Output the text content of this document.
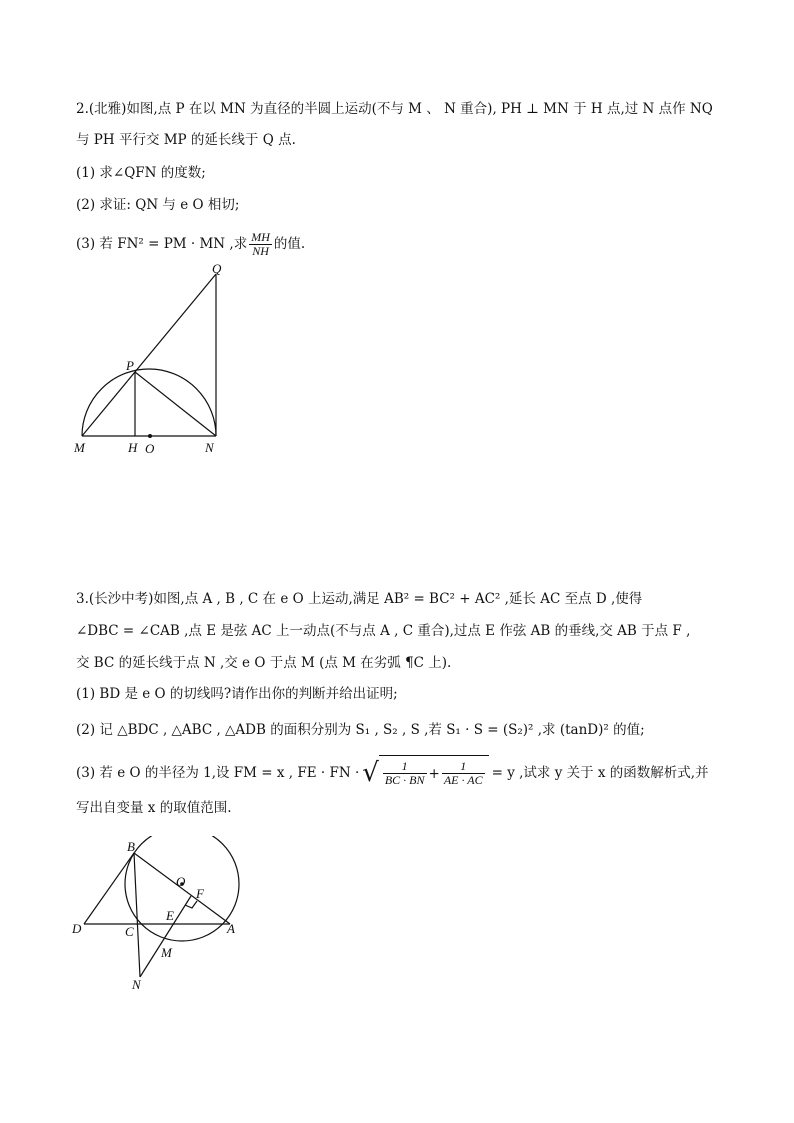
2.(北雅)如图,点 P 在以 MN 为直径的半圆上运动(不与 M 、 N 重合), PH ⊥ MN 于 H 点,过 N 点作 NQ
与 PH 平行交 MP 的延长线于 Q 点.
(1) 求∠QFN 的度数;
(2) 求证: QN 与 e O 相切;
(3) 若 FN² = PM · MN ,求 $\frac{MH}{NH}$ 的值.
Q
P
M	H O	N
3.(长沙中考)如图,点 A , B , C 在 e O 上运动,满足 AB² = BC² + AC² ,延长 AC 至点 D ,使得
∠DBC = ∠CAB ,点 E 是弦 AC 上一动点(不与点 A , C 重合),过点 E 作弦 AB 的垂线,交 AB 于点 F ,
交 BC 的延长线于点 N ,交 e O 于点 M (点 M 在劣弧 ¶C 上).
(1) BD 是 e O 的切线吗?请作出你的判断并给出证明;
(2) 记 △BDC , △ABC , △ADB 的面积分别为 S₁ , S₂ , S ,若 S₁ · S = (S₂)² ,求 (tanD)² 的值;
(3) 若 e O 的半径为 1,设 FM = x , FE · FN · √ $\frac{1}{BC \cdot BN} + \frac{1}{AE \cdot AC} = y$ ,试求 y 关于 x 的函数解析式,并
写出自变量 x 的取值范围.
B
O
F
E
D	C	A
M
N
